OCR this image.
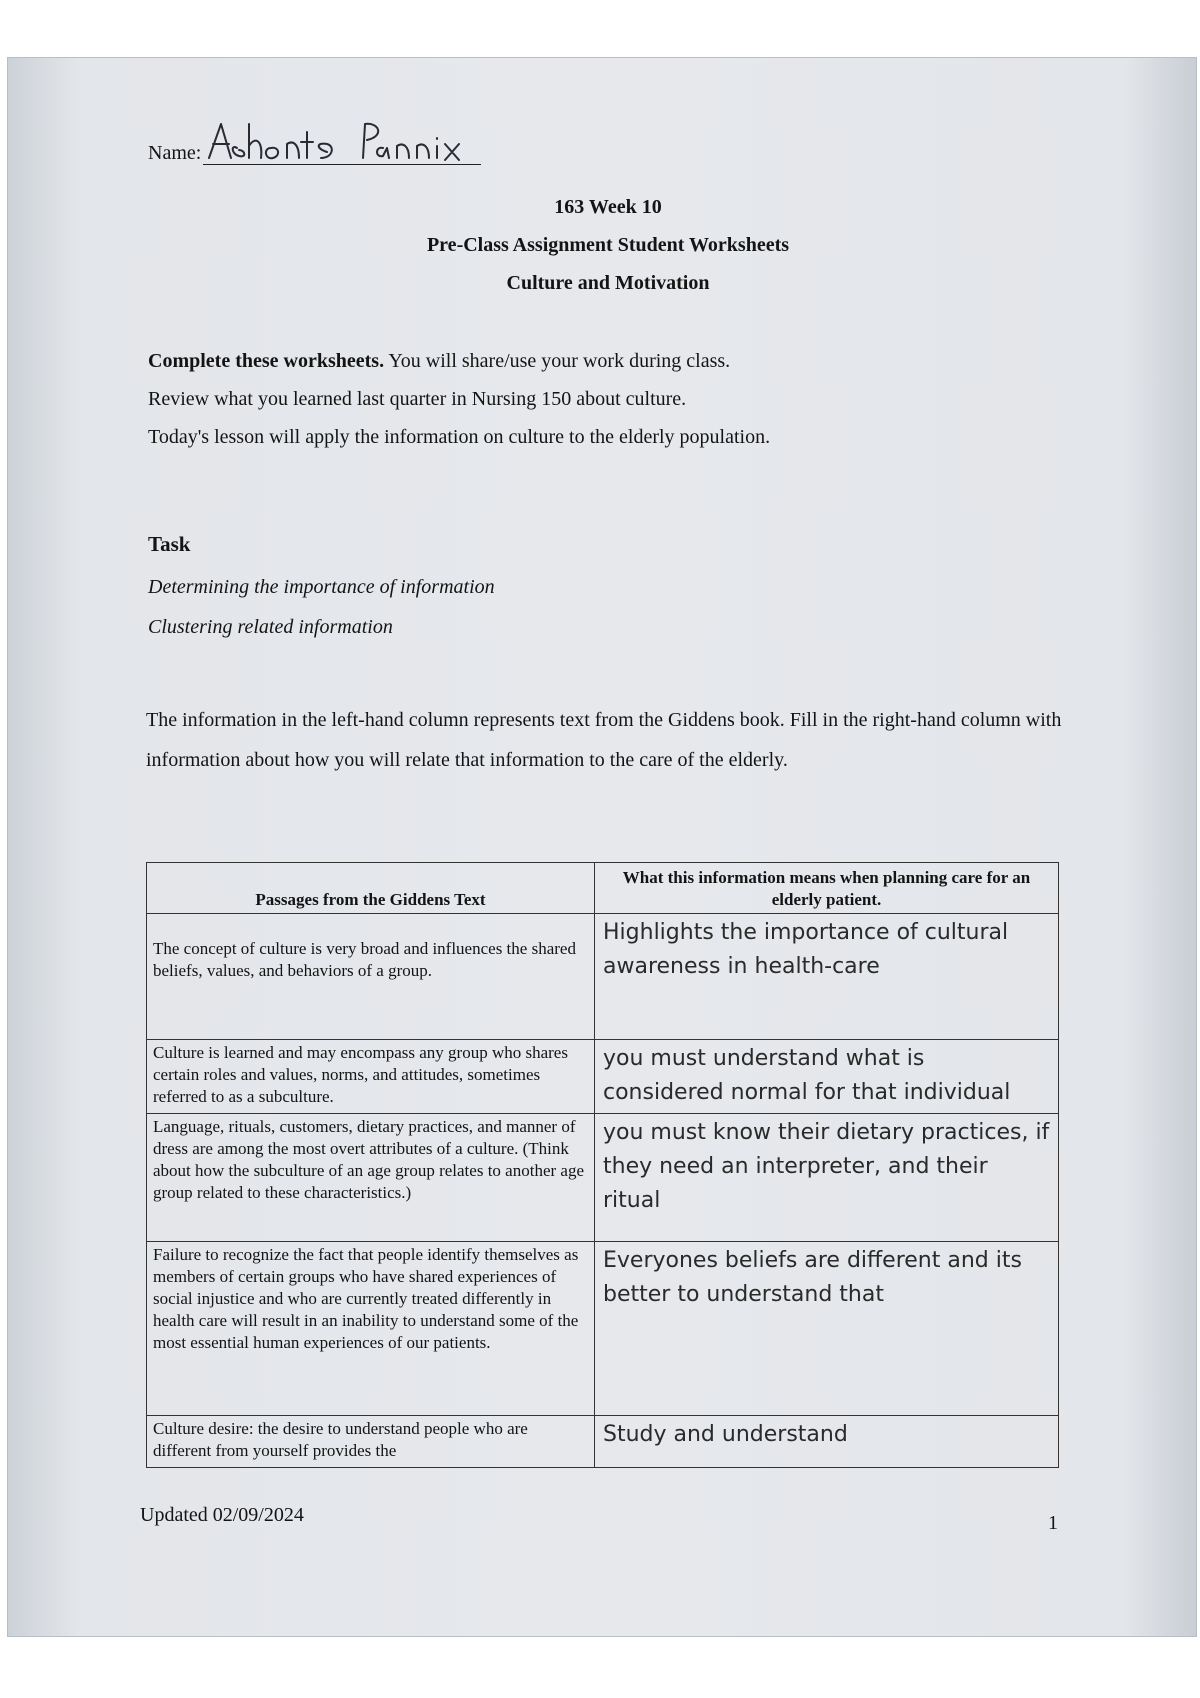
Name:
163 Week 10
Pre-Class Assignment Student Worksheets
Culture and Motivation
Complete these worksheets. You will share/use your work during class.
Review what you learned last quarter in Nursing 150 about culture.
Today's lesson will apply the information on culture to the elderly population.
Task
Determining the importance of information
Clustering related information
The information in the left-hand column represents text from the Giddens book. Fill in the right-hand column with information about how you will relate that information to the care of the elderly.
Passages from the Giddens Text	What this information means when planning care for an elderly patient.
The concept of culture is very broad and influences the shared beliefs, values, and behaviors of a group.	Highlights the importance of cultural awareness in health-care
Culture is learned and may encompass any group who shares certain roles and values, norms, and attitudes, sometimes referred to as a subculture.	you must understand what is considered normal for that individual
Language, rituals, customers, dietary practices, and manner of dress are among the most overt attributes of a culture. (Think about how the subculture of an age group relates to another age group related to these characteristics.)	you must know their dietary practices, if they need an interpreter, and their ritual
Failure to recognize the fact that people identify themselves as members of certain groups who have shared experiences of social injustice and who are currently treated differently in health care will result in an inability to understand some of the most essential human experiences of our patients.	Everyones beliefs are different and its better to understand that
Culture desire: the desire to understand people who are different from yourself provides the	Study and understand
Updated 02/09/2024	1
